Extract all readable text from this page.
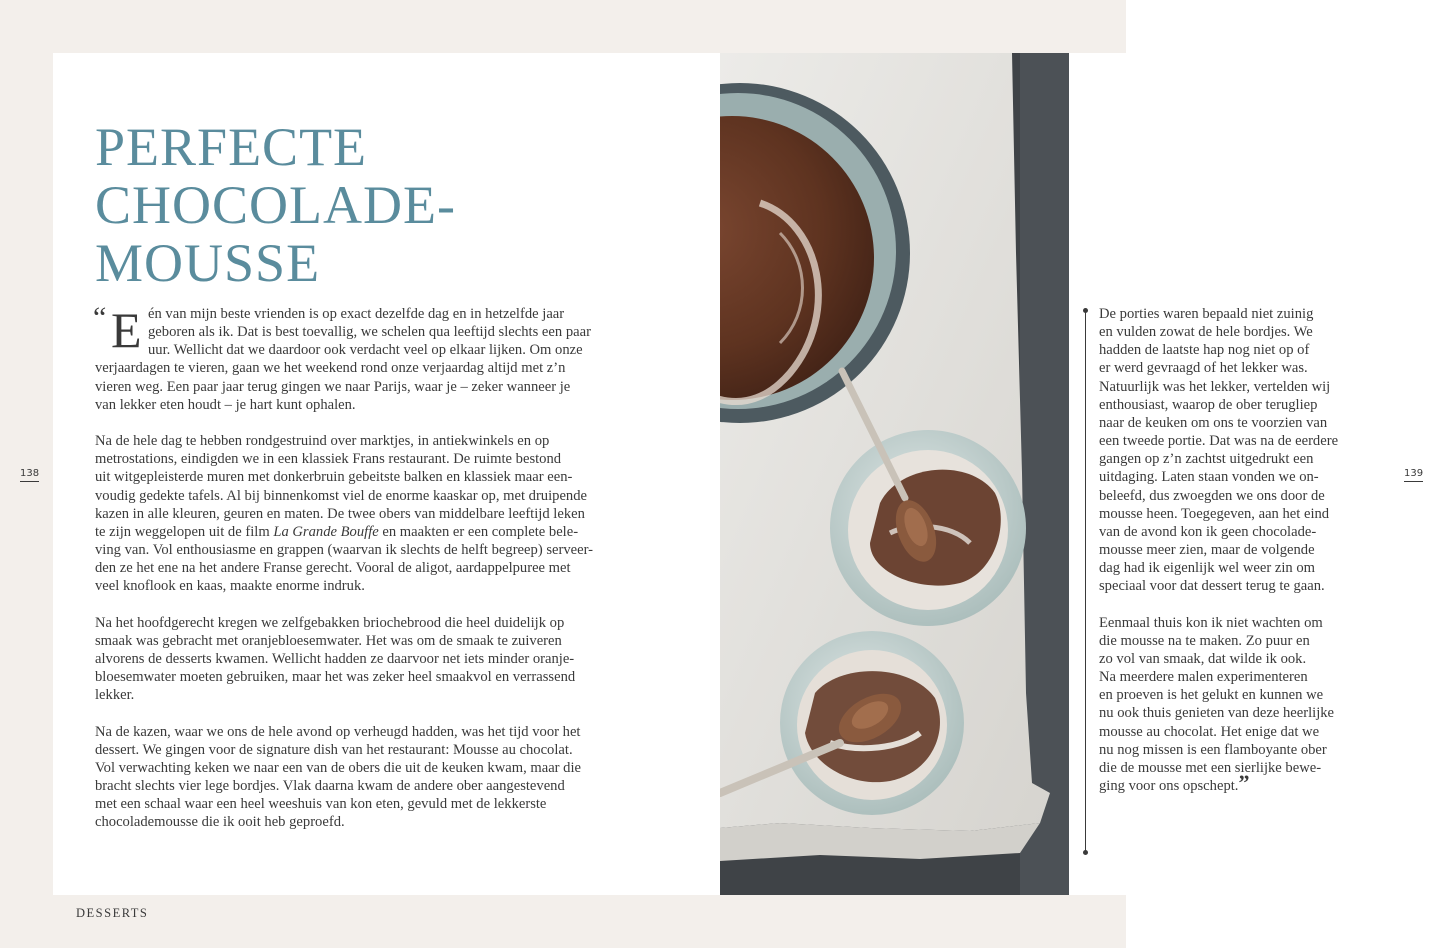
PERFECTE
CHOCOLADE-
MOUSSE

“ E én van mijn beste vrienden is op exact dezelfde dag en in hetzelfde jaar
geboren als ik. Dat is best toevallig, we schelen qua leeftijd slechts een paar
uur. Wellicht dat we daardoor ook verdacht veel op elkaar lijken. Om onze
verjaardagen te vieren, gaan we het weekend rond onze verjaardag altijd met z’n
vieren weg. Een paar jaar terug gingen we naar Parijs, waar je – zeker wanneer je
van lekker eten houdt – je hart kunt ophalen.

Na de hele dag te hebben rondgestruind over marktjes, in antiekwinkels en op
metrostations, eindigden we in een klassiek Frans restaurant. De ruimte bestond
uit witgepleisterde muren met donkerbruin gebeitste balken en klassiek maar een-
voudig gedekte tafels. Al bij binnenkomst viel de enorme kaaskar op, met druipende
kazen in alle kleuren, geuren en maten. De twee obers van middelbare leeftijd leken
te zijn weggelopen uit de film La Grande Bouffe en maakten er een complete bele-
ving van. Vol enthousiasme en grappen (waarvan ik slechts de helft begreep) serveer-
den ze het ene na het andere Franse gerecht. Vooral de aligot, aardappelpuree met
veel knoflook en kaas, maakte enorme indruk.

Na het hoofdgerecht kregen we zelfgebakken briochebrood die heel duidelijk op
smaak was gebracht met oranjebloesemwater. Het was om de smaak te zuiveren
alvorens de desserts kwamen. Wellicht hadden ze daarvoor net iets minder oranje-
bloesemwater moeten gebruiken, maar het was zeker heel smaakvol en verrassend
lekker.

Na de kazen, waar we ons de hele avond op verheugd hadden, was het tijd voor het
dessert. We gingen voor de signature dish van het restaurant: Mousse au chocolat.
Vol verwachting keken we naar een van de obers die uit de keuken kwam, maar die
bracht slechts vier lege bordjes. Vlak daarna kwam de andere ober aangestevend
met een schaal waar een heel weeshuis van kon eten, gevuld met de lekkerste
chocolademousse die ik ooit heb geproefd.

De porties waren bepaald niet zuinig
en vulden zowat de hele bordjes. We
hadden de laatste hap nog niet op of
er werd gevraagd of het lekker was.
Natuurlijk was het lekker, vertelden wij
enthousiast, waarop de ober terugliep
naar de keuken om ons te voorzien van
een tweede portie. Dat was na de eerdere
gangen op z’n zachtst uitgedrukt een
uitdaging. Laten staan vonden we on-
beleefd, dus zwoegden we ons door de
mousse heen. Toegegeven, aan het eind
van de avond kon ik geen chocolade-
mousse meer zien, maar de volgende
dag had ik eigenlijk wel weer zin om
speciaal voor dat dessert terug te gaan.

Eenmaal thuis kon ik niet wachten om
die mousse na te maken. Zo puur en
zo vol van smaak, dat wilde ik ook.
Na meerdere malen experimenteren
en proeven is het gelukt en kunnen we
nu ook thuis genieten van deze heerlijke
mousse au chocolat. Het enige dat we
nu nog missen is een flamboyante ober
die de mousse met een sierlijke bewe-
ging voor ons opschept.”

138	139
DESSERTS
